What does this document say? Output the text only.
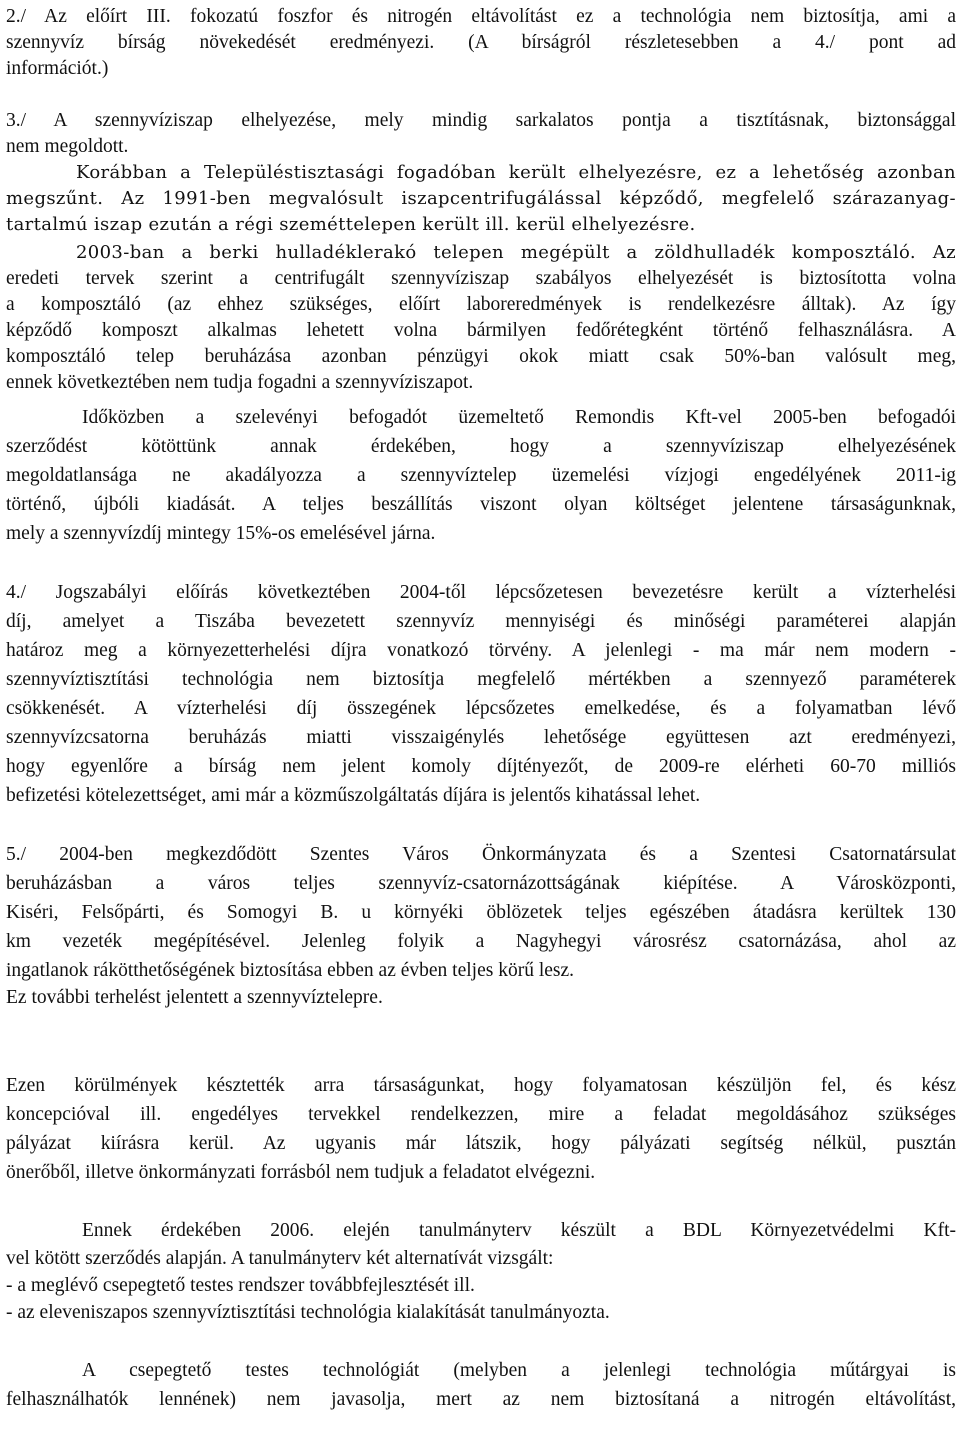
2./ Az előírt III. fokozatú foszfor és nitrogén eltávolítást ez a technológia nem biztosítja, ami a
szennyvíz bírság növekedését eredményezi. (A bírságról részletesebben a 4./ pont ad
információt.)
3./ A szennyvíziszap elhelyezése, mely mindig sarkalatos pontja a tisztításnak, biztonsággal
nem megoldott.
Korábban a Településtisztasági fogadóban került elhelyezésre, ez a lehetőség azonban
megszűnt. Az 1991-ben megvalósult iszapcentrifugálással képződő, megfelelő szárazanyag-
tartalmú iszap ezután a régi szeméttelepen került ill. kerül elhelyezésre.
2003-ban a berki hulladéklerakó telepen megépült a zöldhulladék komposztáló. Az
eredeti tervek szerint a centrifugált szennyvíziszap szabályos elhelyezését is biztosította volna
a komposztáló (az ehhez szükséges, előírt laboreredmények is rendelkezésre álltak). Az így
képződő komposzt alkalmas lehetett volna bármilyen fedőrétegként történő felhasználásra. A
komposztáló telep beruházása azonban pénzügyi okok miatt csak 50%-ban valósult meg,
ennek következtében nem tudja fogadni a szennyvíziszapot.
Időközben a szelevényi befogadót üzemeltető Remondis Kft-vel 2005-ben befogadói
szerződést kötöttünk annak érdekében, hogy a szennyvíziszap elhelyezésének
megoldatlansága ne akadályozza a szennyvíztelep üzemelési vízjogi engedélyének 2011-ig
történő, újbóli kiadását. A teljes beszállítás viszont olyan költséget jelentene társaságunknak,
mely a szennyvízdíj mintegy 15%-os emelésével járna.
4./ Jogszabályi előírás következtében 2004-től lépcsőzetesen bevezetésre került a vízterhelési
díj, amelyet a Tiszába bevezetett szennyvíz mennyiségi és minőségi paraméterei alapján
határoz meg a környezetterhelési díjra vonatkozó törvény. A jelenlegi - ma már nem modern -
szennyvíztisztítási technológia nem biztosítja megfelelő mértékben a szennyező paraméterek
csökkenését. A vízterhelési díj összegének lépcsőzetes emelkedése, és a folyamatban lévő
szennyvízcsatorna beruházás miatti visszaigénylés lehetősége együttesen azt eredményezi,
hogy egyenlőre a bírság nem jelent komoly díjtényezőt, de 2009-re elérheti 60-70 milliós
befizetési kötelezettséget, ami már a közműszolgáltatás díjára is jelentős kihatással lehet.
5./ 2004-ben megkezdődött Szentes Város Önkormányzata és a Szentesi Csatornatársulat
beruházásban a város teljes szennyvíz-csatornázottságának kiépítése. A Városközponti,
Kiséri, Felsőpárti, és Somogyi B. u környéki öblözetek teljes egészében átadásra kerültek 130
km vezeték megépítésével. Jelenleg folyik a Nagyhegyi városrész csatornázása, ahol az
ingatlanok rákötthetőségének biztosítása ebben az évben teljes körű lesz.
Ez további terhelést jelentett a szennyvíztelepre.
Ezen körülmények késztették arra társaságunkat, hogy folyamatosan készüljön fel, és kész
koncepcióval ill. engedélyes tervekkel rendelkezzen, mire a feladat megoldásához szükséges
pályázat kiírásra kerül. Az ugyanis már látszik, hogy pályázati segítség nélkül, pusztán
önerőből, illetve önkormányzati forrásból nem tudjuk a feladatot elvégezni.
Ennek érdekében 2006. elején tanulmányterv készült a BDL Környezetvédelmi Kft-
vel kötött szerződés alapján. A tanulmányterv két alternatívát vizsgált:
- a meglévő csepegtető testes rendszer továbbfejlesztését ill.
- az eleveniszapos szennyvíztisztítási technológia kialakítását tanulmányozta.
A csepegtető testes technológiát (melyben a jelenlegi technológia műtárgyai is
felhasználhatók lennének) nem javasolja, mert az nem biztosítaná a nitrogén eltávolítást,
